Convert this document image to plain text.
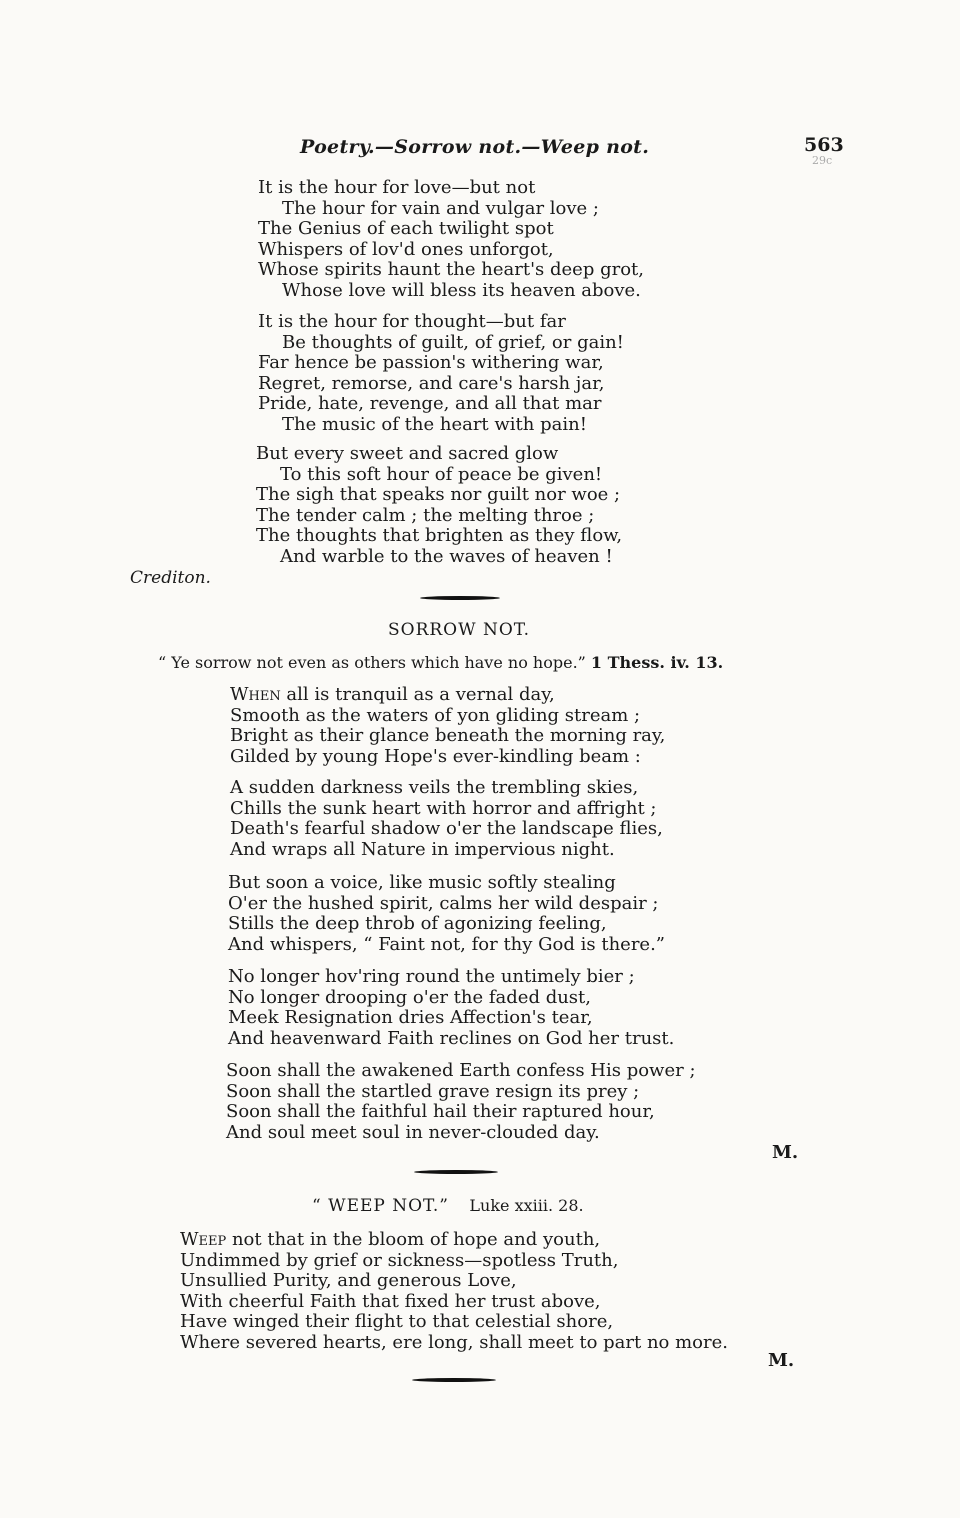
Poetry.—Sorrow not.—Weep not.	563
29c
It is the hour for love—but not
The hour for vain and vulgar love ;
The Genius of each twilight spot
Whispers of lov'd ones unforgot,
Whose spirits haunt the heart's deep grot,
Whose love will bless its heaven above.
It is the hour for thought—but far
Be thoughts of guilt, of grief, or gain!
Far hence be passion's withering war,
Regret, remorse, and care's harsh jar,
Pride, hate, revenge, and all that mar
The music of the heart with pain!
But every sweet and sacred glow
To this soft hour of peace be given!
The sigh that speaks nor guilt nor woe ;
The tender calm ; the melting throe ;
The thoughts that brighten as they flow,
And warble to the waves of heaven !
Crediton.
SORROW NOT.
“ Ye sorrow not even as others which have no hope.” 1 Thess. iv. 13.
When all is tranquil as a vernal day,
Smooth as the waters of yon gliding stream ;
Bright as their glance beneath the morning ray,
Gilded by young Hope's ever-kindling beam :
A sudden darkness veils the trembling skies,
Chills the sunk heart with horror and affright ;
Death's fearful shadow o'er the landscape flies,
And wraps all Nature in impervious night.
But soon a voice, like music softly stealing
O'er the hushed spirit, calms her wild despair ;
Stills the deep throb of agonizing feeling,
And whispers, “ Faint not, for thy God is there.”
No longer hov'ring round the untimely bier ;
No longer drooping o'er the faded dust,
Meek Resignation dries Affection's tear,
And heavenward Faith reclines on God her trust.
Soon shall the awakened Earth confess His power ;
Soon shall the startled grave resign its prey ;
Soon shall the faithful hail their raptured hour,
And soul meet soul in never-clouded day.
M.
“ WEEP NOT.” Luke xxiii. 28.
Weep not that in the bloom of hope and youth,
Undimmed by grief or sickness—spotless Truth,
Unsullied Purity, and generous Love,
With cheerful Faith that fixed her trust above,
Have winged their flight to that celestial shore,
Where severed hearts, ere long, shall meet to part no more.
M.
